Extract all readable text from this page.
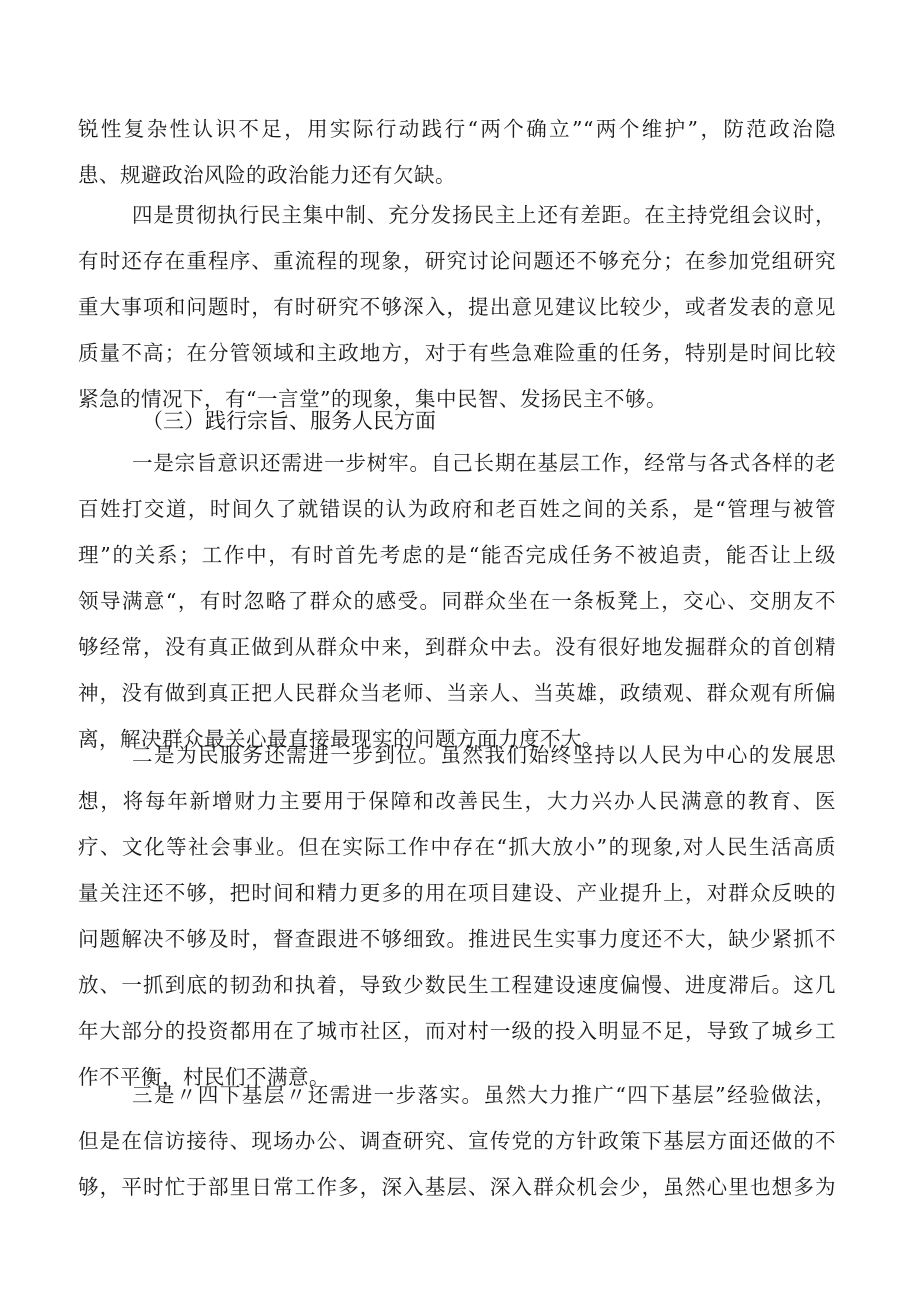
锐性复杂性认识不足，用实际行动践行“两个确立”“两个维护”，防范政治隐
患、规避政治风险的政治能力还有欠缺。
四是贯彻执行民主集中制、充分发扬民主上还有差距。在主持党组会议时，
有时还存在重程序、重流程的现象，研究讨论问题还不够充分；在参加党组研究
重大事项和问题时，有时研究不够深入，提出意见建议比较少，或者发表的意见
质量不高；在分管领域和主政地方，对于有些急难险重的任务，特别是时间比较
紧急的情况下，有“一言堂”的现象，集中民智、发扬民主不够。
（三）践行宗旨、服务人民方面
一是宗旨意识还需进一步树牢。自己长期在基层工作，经常与各式各样的老
百姓打交道，时间久了就错误的认为政府和老百姓之间的关系，是“管理与被管
理”的关系；工作中，有时首先考虑的是“能否完成任务不被追责，能否让上级
领导满意“，有时忽略了群众的感受。同群众坐在一条板凳上，交心、交朋友不
够经常，没有真正做到从群众中来，到群众中去。没有很好地发掘群众的首创精
神，没有做到真正把人民群众当老师、当亲人、当英雄，政绩观、群众观有所偏
离，解决群众最关心最直接最现实的问题方面力度不大。
二是为民服务还需进一步到位。虽然我们始终坚持以人民为中心的发展思
想，将每年新增财力主要用于保障和改善民生，大力兴办人民满意的教育、医
疗、文化等社会事业。但在实际工作中存在“抓大放小”的现象,对人民生活高质
量关注还不够，把时间和精力更多的用在项目建设、产业提升上，对群众反映的
问题解决不够及时，督查跟进不够细致。推进民生实事力度还不大，缺少紧抓不
放、一抓到底的韧劲和执着，导致少数民生工程建设速度偏慢、进度滞后。这几
年大部分的投资都用在了城市社区，而对村一级的投入明显不足，导致了城乡工
作不平衡，村民们不满意。
三是〃四下基层〃还需进一步落实。虽然大力推广“四下基层”经验做法，
但是在信访接待、现场办公、调查研究、宣传党的方针政策下基层方面还做的不
够，平时忙于部里日常工作多，深入基层、深入群众机会少，虽然心里也想多为
